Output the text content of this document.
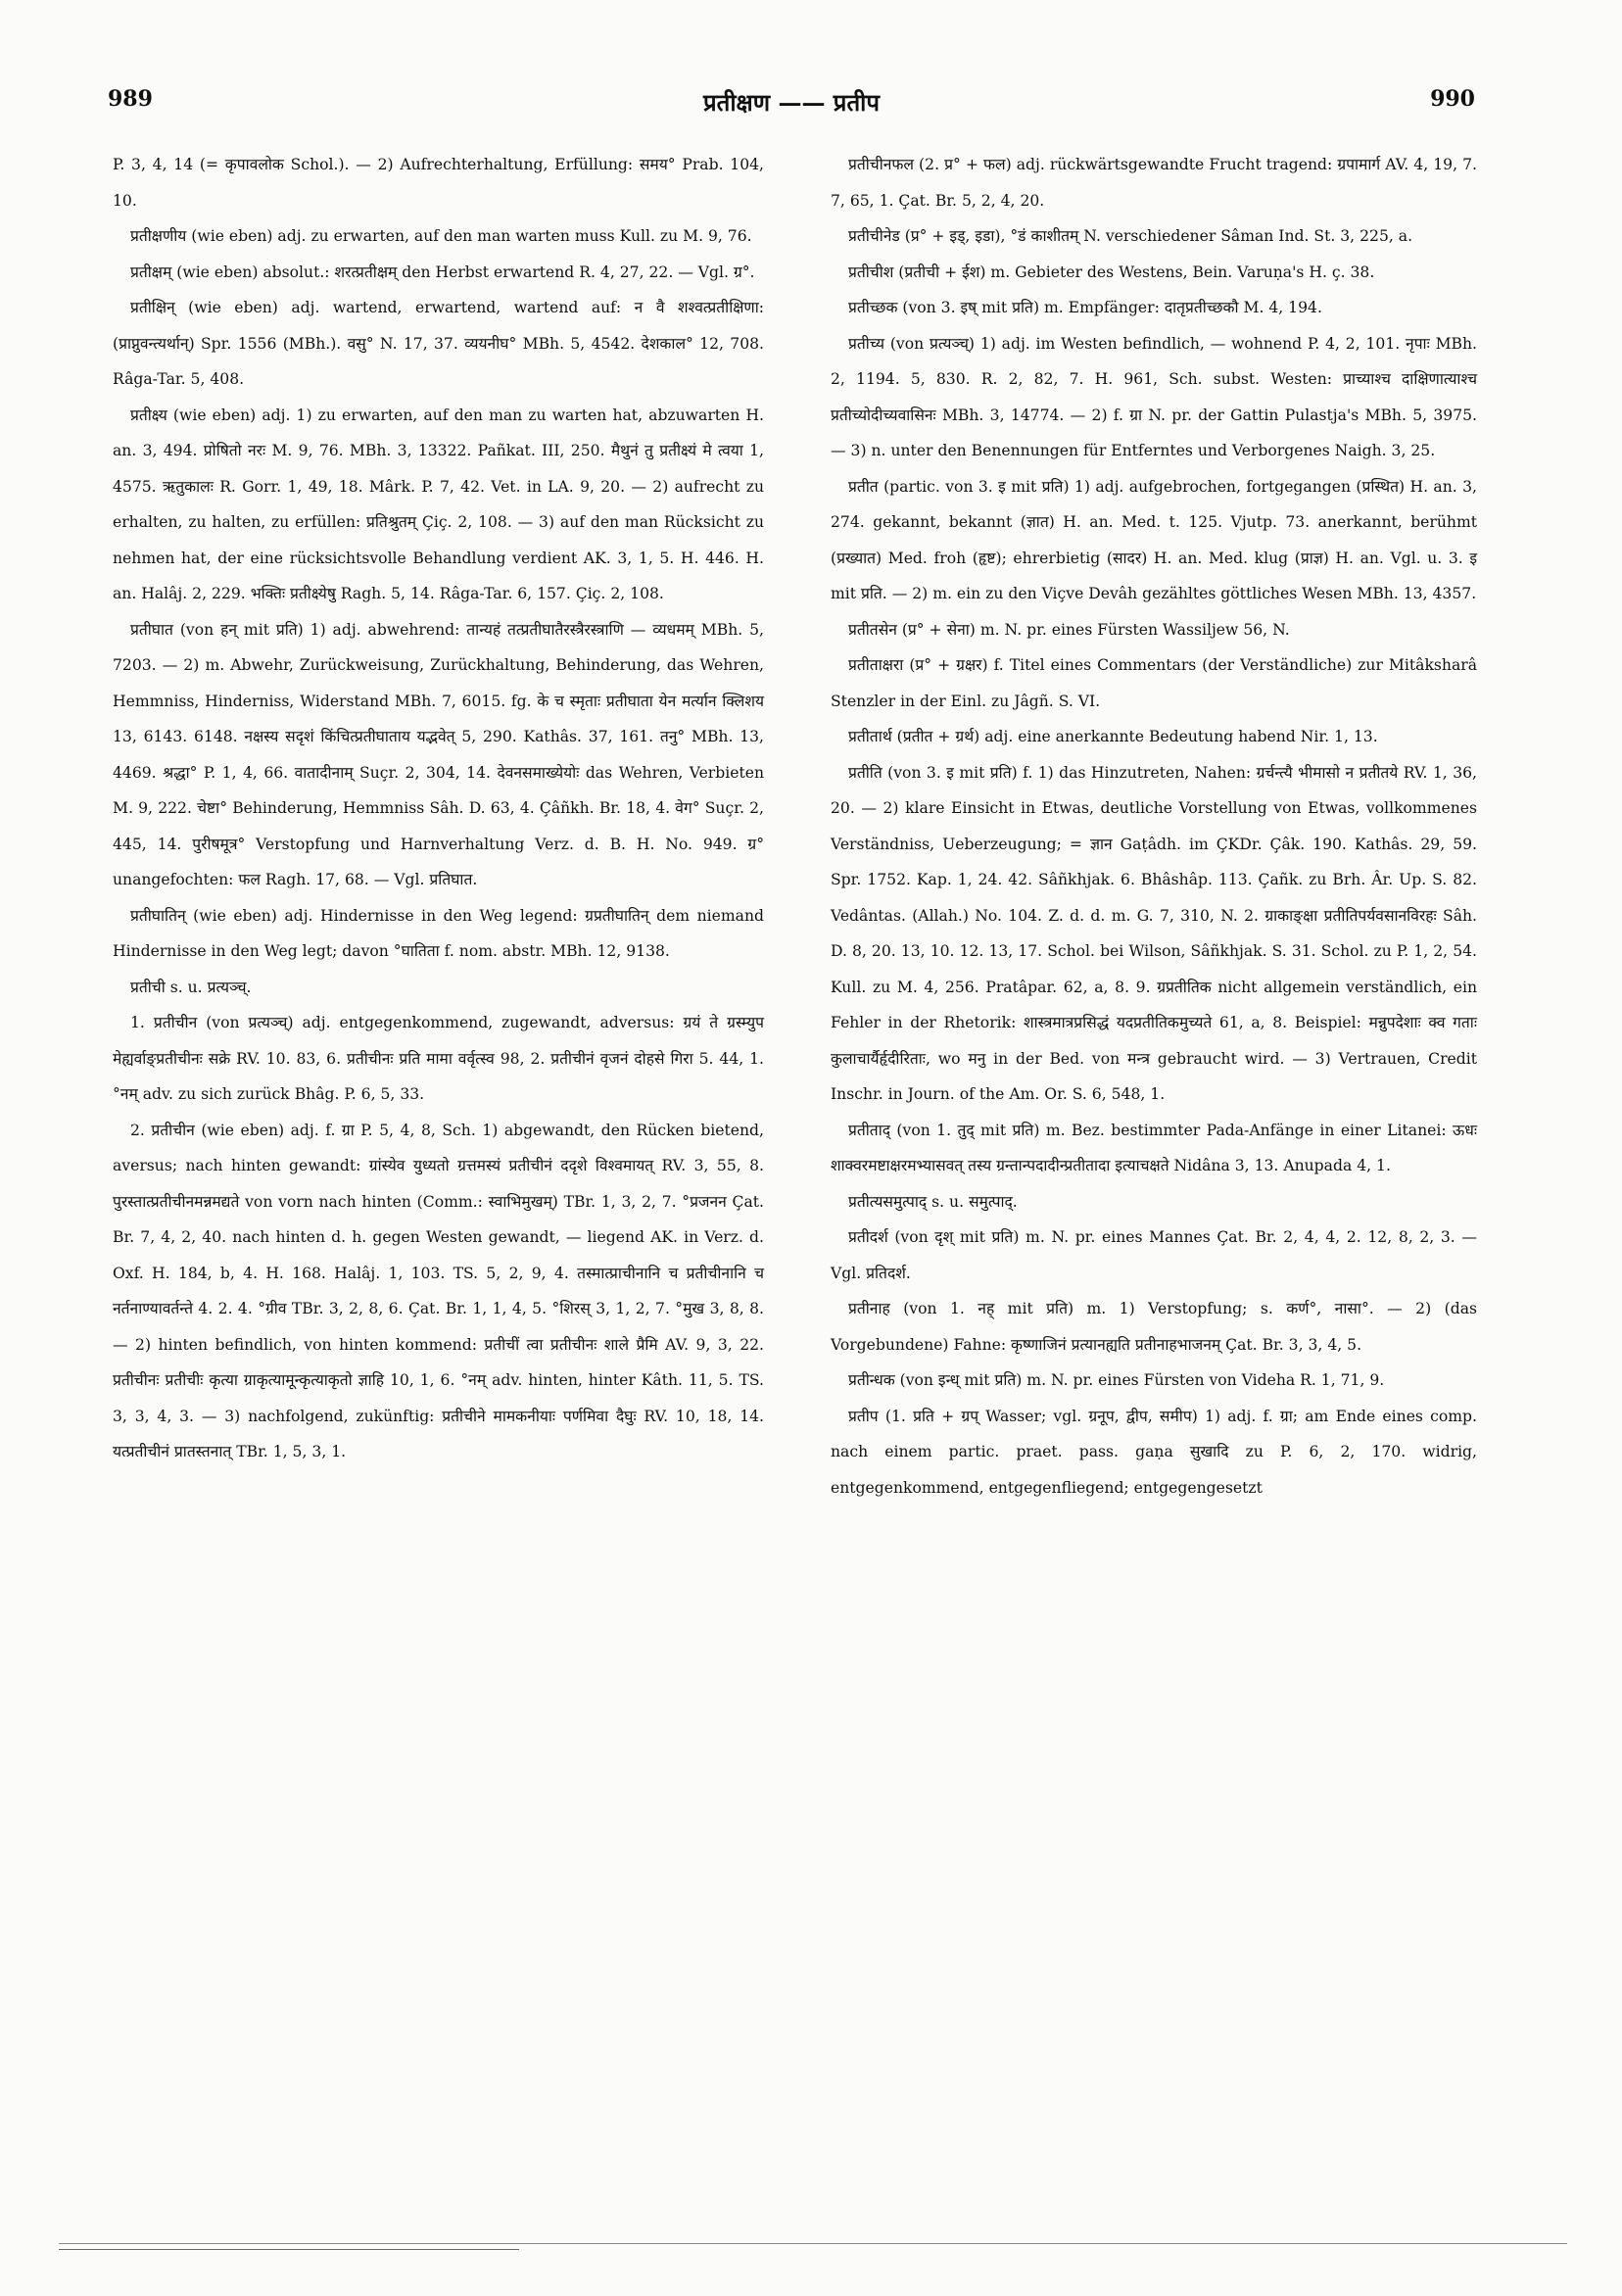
989	प्रतीक्षण —— प्रतीप	990

P. 3, 4, 14 (= कृपावलोक Schol.). — 2) Aufrechterhaltung, Erfüllung: समय° Prab. 104, 10.

प्रतीक्षणीय (wie eben) adj. zu erwarten, auf den man warten muss Kull. zu M. 9, 76.

प्रतीक्षम् (wie eben) absolut.: शरत्प्रतीक्षम् den Herbst erwartend R. 4, 27, 22. — Vgl. ग्र°.

प्रतीक्षिन् (wie eben) adj. wartend, erwartend, wartend auf: न वै शश्वत्प्रतीक्षिणा: (प्राप्नुवन्त्यर्थान्) Spr. 1556 (MBh.). वसु° N. 17, 37. व्ययनीघ° MBh. 5, 4542. देशकाल° 12, 708. Râga-Tar. 5, 408.

प्रतीक्ष्य (wie eben) adj. 1) zu erwarten, auf den man zu warten hat, abzuwarten H. an. 3, 494. प्रोषितो नरः M. 9, 76. MBh. 3, 13322. Pañkat. III, 250. मैथुनं तु प्रतीक्ष्यं मे त्वया 1, 4575. ऋतुकालः R. Gorr. 1, 49, 18. Mârk. P. 7, 42. Vet. in LA. 9, 20. — 2) aufrecht zu erhalten, zu halten, zu erfüllen: प्रतिश्रुतम् Çiç. 2, 108. — 3) auf den man Rücksicht zu nehmen hat, der eine rücksichtsvolle Behandlung verdient AK. 3, 1, 5. H. 446. H. an. Halâj. 2, 229. भक्तिः प्रतीक्ष्येषु Ragh. 5, 14. Râga-Tar. 6, 157. Çiç. 2, 108.

प्रतीघात (von हन् mit प्रति) 1) adj. abwehrend: तान्यहं तत्प्रतीघातैरस्त्रैरस्त्राणि — व्यधमम् MBh. 5, 7203. — 2) m. Abwehr, Zurückweisung, Zurückhaltung, Behinderung, das Wehren, Hemmniss, Hinderniss, Widerstand MBh. 7, 6015. fg. के च स्मृताः प्रतीघाता येन मर्त्यान क्लिशय 13, 6143. 6148. नक्षस्य सदृशं किंचित्प्रतीघाताय यद्भवेत् 5, 290. Kathâs. 37, 161. तनु° MBh. 13, 4469. श्रद्धा° P. 1, 4, 66. वातादीनाम् Suçr. 2, 304, 14. देवनसमाख्येयोः das Wehren, Verbieten M. 9, 222. चेष्टा° Behinderung, Hemmniss Sâh. D. 63, 4. Çâñkh. Br. 18, 4. वेग° Suçr. 2, 445, 14. पुरीषमूत्र° Verstopfung und Harnverhaltung Verz. d. B. H. No. 949. ग्र° unangefochten: फल Ragh. 17, 68. — Vgl. प्रतिघात.

प्रतीघातिन् (wie eben) adj. Hindernisse in den Weg legend: ग्रप्रतीघातिन् dem niemand Hindernisse in den Weg legt; davon °घातिता f. nom. abstr. MBh. 12, 9138.

प्रतीची s. u. प्रत्यञ्च्.

1. प्रतीचीन (von प्रत्यञ्च्) adj. entgegenkommend, zugewandt, adversus: ग्रयं ते ग्रस्म्युप मेह्यर्वाङ्प्रतीचीनः सक्रे RV. 10. 83, 6. प्रतीचीनः प्रति मामा वर्वृत्स्व 98, 2. प्रतीचीनं वृजनं दोहसे गिरा 5. 44, 1. °नम् adv. zu sich zurück Bhâg. P. 6, 5, 33.

2. प्रतीचीन (wie eben) adj. f. ग्रा P. 5, 4, 8, Sch. 1) abgewandt, den Rücken bietend, aversus; nach hinten gewandt: ग्रांस्येव युध्यतो ग्रत्तमस्यं प्रतीचीनं ददृशे विश्वमायत् RV. 3, 55, 8. पुरस्तात्प्रतीचीनमन्नमद्यते von vorn nach hinten (Comm.: स्वाभिमुखम्) TBr. 1, 3, 2, 7. °प्रजनन Çat. Br. 7, 4, 2, 40. nach hinten d. h. gegen Westen gewandt, — liegend AK. in Verz. d. Oxf. H. 184, b, 4. H. 168. Halâj. 1, 103. TS. 5, 2, 9, 4. तस्मात्प्राचीनानि च प्रतीचीनानि च नर्तनाण्यावर्तन्ते 4. 2. 4. °ग्रीव TBr. 3, 2, 8, 6. Çat. Br. 1, 1, 4, 5. °शिरस् 3, 1, 2, 7. °मुख 3, 8, 8. — 2) hinten befindlich, von hinten kommend: प्रतीचीं त्वा प्रतीचीनः शाले प्रैमि AV. 9, 3, 22. प्रतीचीनः प्रतीचीः कृत्या ग्राकृत्यामून्कृत्याकृतो ज्ञाहि 10, 1, 6. °नम् adv. hinten, hinter Kâth. 11, 5. TS. 3, 3, 4, 3. — 3) nachfolgend, zukünftig: प्रतीचीने मामकनीयाः पर्णमिवा दैघुः RV. 10, 18, 14. यत्प्रतीचीनं प्रातस्तनात् TBr. 1, 5, 3, 1.

प्रतीचीनफल (2. प्र° + फल) adj. rückwärtsgewandte Frucht tragend: ग्रपामार्ग AV. 4, 19, 7. 7, 65, 1. Çat. Br. 5, 2, 4, 20.

प्रतीचीनेड (प्र° + इड्, इडा), °डं काशीतम् N. verschiedener Sâman Ind. St. 3, 225, a.

प्रतीचीश (प्रतीची + ईश) m. Gebieter des Westens, Bein. Varuṇa's H. ç. 38.

प्रतीच्छक (von 3. इष् mit प्रति) m. Empfänger: दातृप्रतीच्छकौ M. 4, 194.

प्रतीच्य (von प्रत्यञ्च्) 1) adj. im Westen befindlich, — wohnend P. 4, 2, 101. नृपाः MBh. 2, 1194. 5, 830. R. 2, 82, 7. H. 961, Sch. subst. Westen: प्राच्याश्च दाक्षिणात्याश्च प्रतीच्योदीच्यवासिनः MBh. 3, 14774. — 2) f. ग्रा N. pr. der Gattin Pulastja's MBh. 5, 3975. — 3) n. unter den Benennungen für Entferntes und Verborgenes Naigh. 3, 25.

प्रतीत (partic. von 3. इ mit प्रति) 1) adj. aufgebrochen, fortgegangen (प्रस्थित) H. an. 3, 274. gekannt, bekannt (ज्ञात) H. an. Med. t. 125. Vjutp. 73. anerkannt, berühmt (प्रख्यात) Med. froh (हृष्ट); ehrerbietig (सादर) H. an. Med. klug (प्राज्ञ) H. an. Vgl. u. 3. इ mit प्रति. — 2) m. ein zu den Viçve Devâh gezähltes göttliches Wesen MBh. 13, 4357.

प्रतीतसेन (प्र° + सेना) m. N. pr. eines Fürsten Wassiljew 56, N.

प्रतीताक्षरा (प्र° + ग्रक्षर) f. Titel eines Commentars (der Verständliche) zur Mitâksharâ Stenzler in der Einl. zu Jâgñ. S. VI.

प्रतीतार्थ (प्रतीत + ग्रर्थ) adj. eine anerkannte Bedeutung habend Nir. 1, 13.

प्रतीति (von 3. इ mit प्रति) f. 1) das Hinzutreten, Nahen: ग्रर्चन्त्यै भीमासो न प्रतीतये RV. 1, 36, 20. — 2) klare Einsicht in Etwas, deutliche Vorstellung von Etwas, vollkommenes Verständniss, Ueberzeugung; = ज्ञान Gaṭâdh. im ÇKDr. Çâk. 190. Kathâs. 29, 59. Spr. 1752. Kap. 1, 24. 42. Sâñkhjak. 6. Bhâshâp. 113. Çañk. zu Brh. Âr. Up. S. 82. Vedântas. (Allah.) No. 104. Z. d. d. m. G. 7, 310, N. 2. ग्राकाङ्क्षा प्रतीतिपर्यवसानविरहः Sâh. D. 8, 20. 13, 10. 12. 13, 17. Schol. bei Wilson, Sâñkhjak. S. 31. Schol. zu P. 1, 2, 54. Kull. zu M. 4, 256. Pratâpar. 62, a, 8. 9. ग्रप्रतीतिक nicht allgemein verständlich, ein Fehler in der Rhetorik: शास्त्रमात्रप्रसिद्धं यदप्रतीतिकमुच्यते 61, a, 8. Beispiel: मन्नुपदेशाः क्व गताः कुलाचार्यैर्हृदीरिताः, wo मनु in der Bed. von मन्त्र gebraucht wird. — 3) Vertrauen, Credit Inschr. in Journ. of the Am. Or. S. 6, 548, 1.

प्रतीताद् (von 1. तुद् mit प्रति) m. Bez. bestimmter Pada-Anfänge in einer Litanei: ऊधः शाक्वरमष्टाक्षरमभ्यासवत् तस्य ग्रन्तान्पदादीन्प्रतीतादा इत्याचक्षते Nidâna 3, 13. Anupada 4, 1.

प्रतीत्यसमुत्पाद् s. u. समुत्पाद्.

प्रतीदर्श (von दृश् mit प्रति) m. N. pr. eines Mannes Çat. Br. 2, 4, 4, 2. 12, 8, 2, 3. — Vgl. प्रतिदर्श.

प्रतीनाह (von 1. नह् mit प्रति) m. 1) Verstopfung; s. कर्ण°, नासा°. — 2) (das Vorgebundene) Fahne: कृष्णाजिनं प्रत्यानह्यति प्रतीनाहभाजनम् Çat. Br. 3, 3, 4, 5.

प्रतीन्धक (von इन्ध् mit प्रति) m. N. pr. eines Fürsten von Videha R. 1, 71, 9.

प्रतीप (1. प्रति + ग्रप् Wasser; vgl. ग्रनूप, द्वीप, समीप) 1) adj. f. ग्रा; am Ende eines comp. nach einem partic. praet. pass. gaṇa सुखादि zu P. 6, 2, 170. widrig, entgegenkommend, entgegenfliegend; entgegengesetzt
